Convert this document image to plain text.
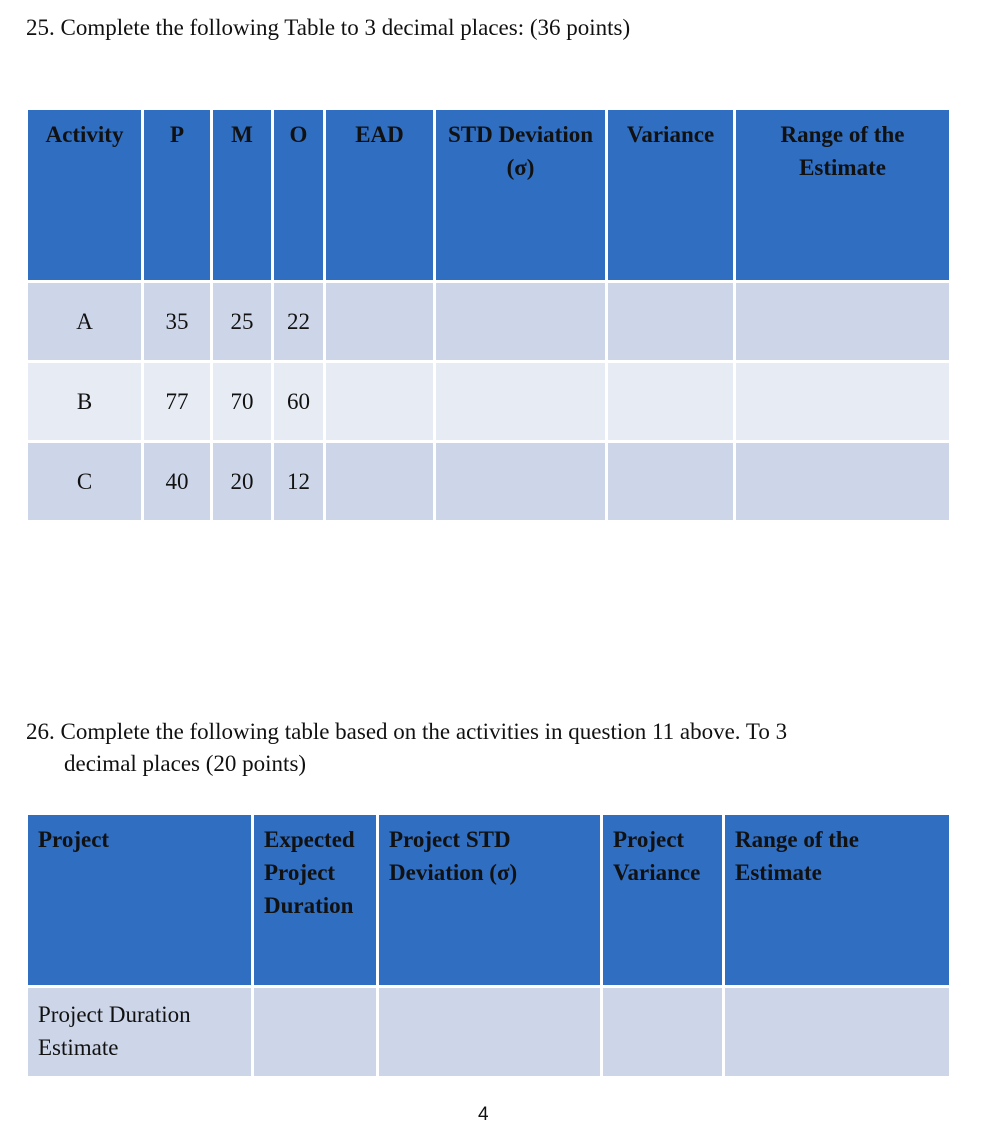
25. Complete the following Table to 3 decimal places: (36 points)
Activity	P	M	O	EAD	STD Deviation (σ)	Variance	Range of the Estimate
A	35	25	22				
B	77	70	60				
C	40	20	12				
26. Complete the following table based on the activities in question 11 above. To 3
decimal places (20 points)
Project	Expected Project Duration	Project STD Deviation (σ)	Project Variance	Range of the Estimate
Project Duration Estimate				
4
